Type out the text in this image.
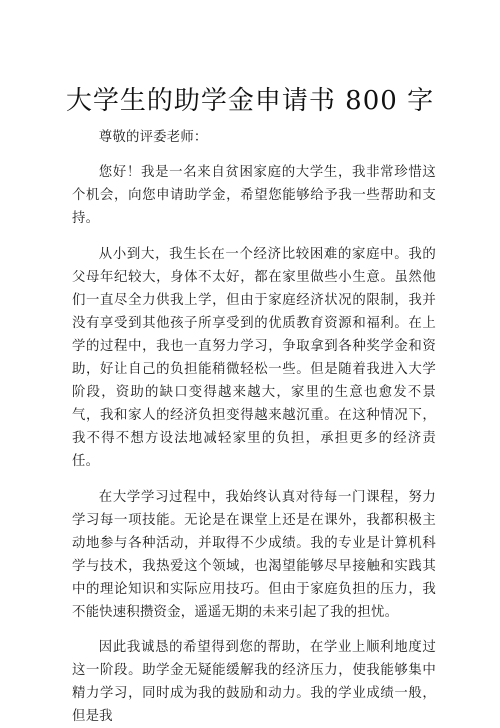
大学生的助学金申请书 800 字

尊敬的评委老师：

您好！我是一名来自贫困家庭的大学生，我非常珍惜这个机会，向您申请助学金，希望您能够给予我一些帮助和支持。

从小到大，我生长在一个经济比较困难的家庭中。我的父母年纪较大，身体不太好，都在家里做些小生意。虽然他们一直尽全力供我上学，但由于家庭经济状况的限制，我并没有享受到其他孩子所享受到的优质教育资源和福利。在上学的过程中，我也一直努力学习，争取拿到各种奖学金和资助，好让自己的负担能稍微轻松一些。但是随着我进入大学阶段，资助的缺口变得越来越大，家里的生意也愈发不景气，我和家人的经济负担变得越来越沉重。在这种情况下，我不得不想方设法地减轻家里的负担，承担更多的经济责任。

在大学学习过程中，我始终认真对待每一门课程，努力学习每一项技能。无论是在课堂上还是在课外，我都积极主动地参与各种活动，并取得不少成绩。我的专业是计算机科学与技术，我热爱这个领域，也渴望能够尽早接触和实践其中的理论知识和实际应用技巧。但由于家庭负担的压力，我不能快速积攒资金，遥遥无期的未来引起了我的担忧。

因此我诚恳的希望得到您的帮助，在学业上顺利地度过这一阶段。助学金无疑能缓解我的经济压力，使我能够集中精力学习，同时成为我的鼓励和动力。我的学业成绩一般，但是我
